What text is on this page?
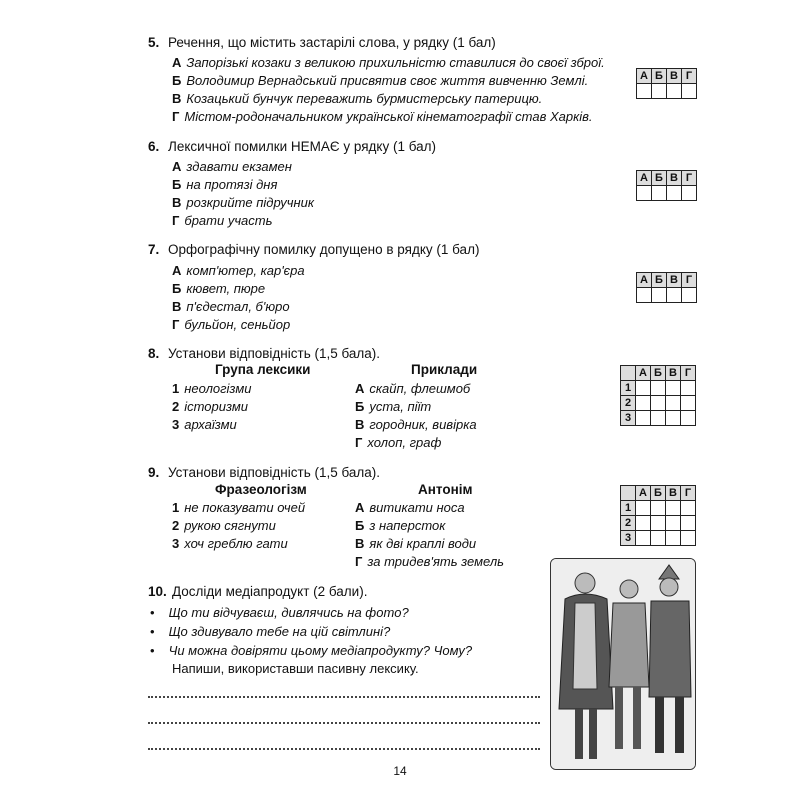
5. Речення, що містить застарілі слова, у рядку (1 бал)
А Запорізькі козаки з великою прихильністю ставилися до своєї зброї.
Б Володимир Вернадський присвятив своє життя вивченню Землі.
В Козацький бунчук переважить бурмистерську патерицю.
Г Містом-родоначальником української кінематографії став Харків.
А	Б	В	Г

6. Лексичної помилки НЕМАЄ у рядку (1 бал)
А здавати екзамен
Б на протязі дня
В розкрийте підручник
Г брати участь
А	Б	В	Г

7. Орфографічну помилку допущено в рядку (1 бал)
А комп'ютер, кар'єра
Б кювет, пюре
В п'єдестал, б'юро
Г бульйон, сеньйор
А	Б	В	Г

8. Установи відповідність (1,5 бала).
Група лексики	Приклади
1 неологізми
2 історизми
3 архаїзми
А скайп, флешмоб
Б уста, піїт
В городник, вивірка
Г холоп, граф
	А	Б	В	Г
1				
2				
3				
9. Установи відповідність (1,5 бала).
Фразеологізм	Антонім
1 не показувати очей
2 рукою сягнути
3 хоч греблю гати
А витикати носа
Б з наперсток
В як дві краплі води
Г за тридев'ять земель
	А	Б	В	Г
1				
2				
3				
10. Досліди медіапродукт (2 бали).
• Що ти відчуваєш, дивлячись на фото?
• Що здивувало тебе на цій світлині?
• Чи можна довіряти цьому медіапродукту? Чому?
Напиши, використавши пасивну лексику.
14
